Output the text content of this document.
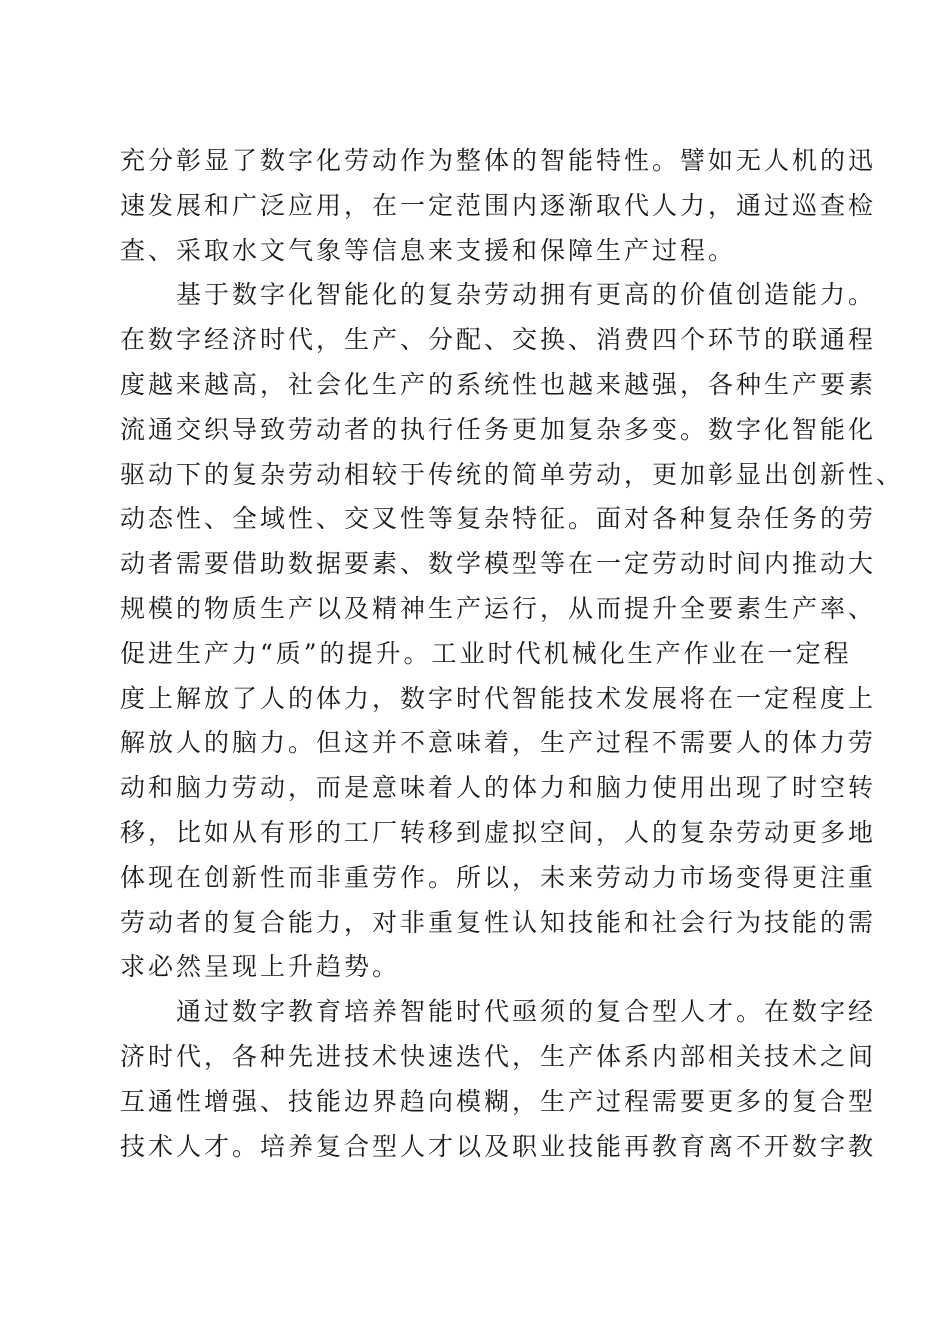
充分彰显了数字化劳动作为整体的智能特性。譬如无人机的迅
速发展和广泛应用，在一定范围内逐渐取代人力，通过巡查检
查、采取水文气象等信息来支援和保障生产过程。
基于数字化智能化的复杂劳动拥有更高的价值创造能力。
在数字经济时代，生产、分配、交换、消费四个环节的联通程
度越来越高，社会化生产的系统性也越来越强，各种生产要素
流通交织导致劳动者的执行任务更加复杂多变。数字化智能化
驱动下的复杂劳动相较于传统的简单劳动，更加彰显出创新性、
动态性、全域性、交叉性等复杂特征。面对各种复杂任务的劳
动者需要借助数据要素、数学模型等在一定劳动时间内推动大
规模的物质生产以及精神生产运行，从而提升全要素生产率、
促进生产力“质”的提升。工业时代机械化生产作业在一定程
度上解放了人的体力，数字时代智能技术发展将在一定程度上
解放人的脑力。但这并不意味着，生产过程不需要人的体力劳
动和脑力劳动，而是意味着人的体力和脑力使用出现了时空转
移，比如从有形的工厂转移到虚拟空间，人的复杂劳动更多地
体现在创新性而非重劳作。所以，未来劳动力市场变得更注重
劳动者的复合能力，对非重复性认知技能和社会行为技能的需
求必然呈现上升趋势。
通过数字教育培养智能时代亟须的复合型人才。在数字经
济时代，各种先进技术快速迭代，生产体系内部相关技术之间
互通性增强、技能边界趋向模糊，生产过程需要更多的复合型
技术人才。培养复合型人才以及职业技能再教育离不开数字教
